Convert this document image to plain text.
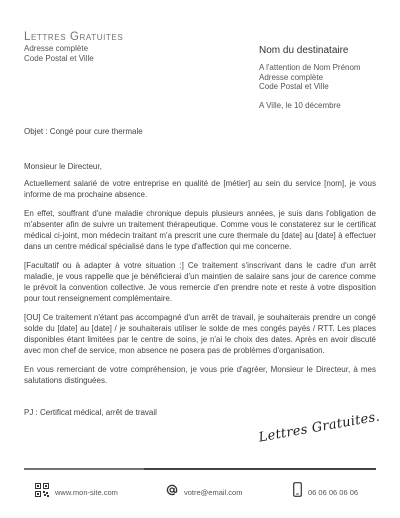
Lettres Gratuites
Adresse complète
Code Postal et Ville
Nom du destinataire
A l'attention de Nom Prénom
Adresse complète
Code Postal et Ville
A Ville, le 10 décembre
Objet : Congé pour cure thermale
Monsieur le Directeur,

Actuellement salarié de votre entreprise en qualité de [métier] au sein du service [nom], je vous informe de ma prochaine absence.

En effet, souffrant d'une maladie chronique depuis plusieurs années, je suis dans l'obligation de m'absenter afin de suivre un traitement thérapeutique. Comme vous le constaterez sur le certificat médical ci-joint, mon médecin traitant m'a prescrit une cure thermale du [date] au [date] à effectuer dans un centre médical spécialisé dans le type d'affection qui me concerne.

[Facultatif ou à adapter à votre situation :] Ce traitement s'inscrivant dans le cadre d'un arrêt maladie, je vous rappelle que je bénéficierai d'un maintien de salaire sans jour de carence comme le prévoit la convention collective. Je vous remercie d'en prendre note et reste à votre disposition pour tout renseignement complémentaire.

[OU] Ce traitement n'étant pas accompagné d'un arrêt de travail, je souhaiterais prendre un congé solde du [date] au [date] / je souhaiterais utiliser le solde de mes congés payés / RTT. Les places disponibles étant limitées par le centre de soins, je n'ai le choix des dates. Après en avoir discuté avec mon chef de service, mon absence ne posera pas de problèmes d'organisation.

En vous remerciant de votre compréhension, je vous prie d'agréer, Monsieur le Directeur, à mes salutations distinguées.

PJ : Certificat médical, arrêt de travail	Lettres Gratuites.
www.mon-site.com	votre@email.com	06 06 06 06 06
